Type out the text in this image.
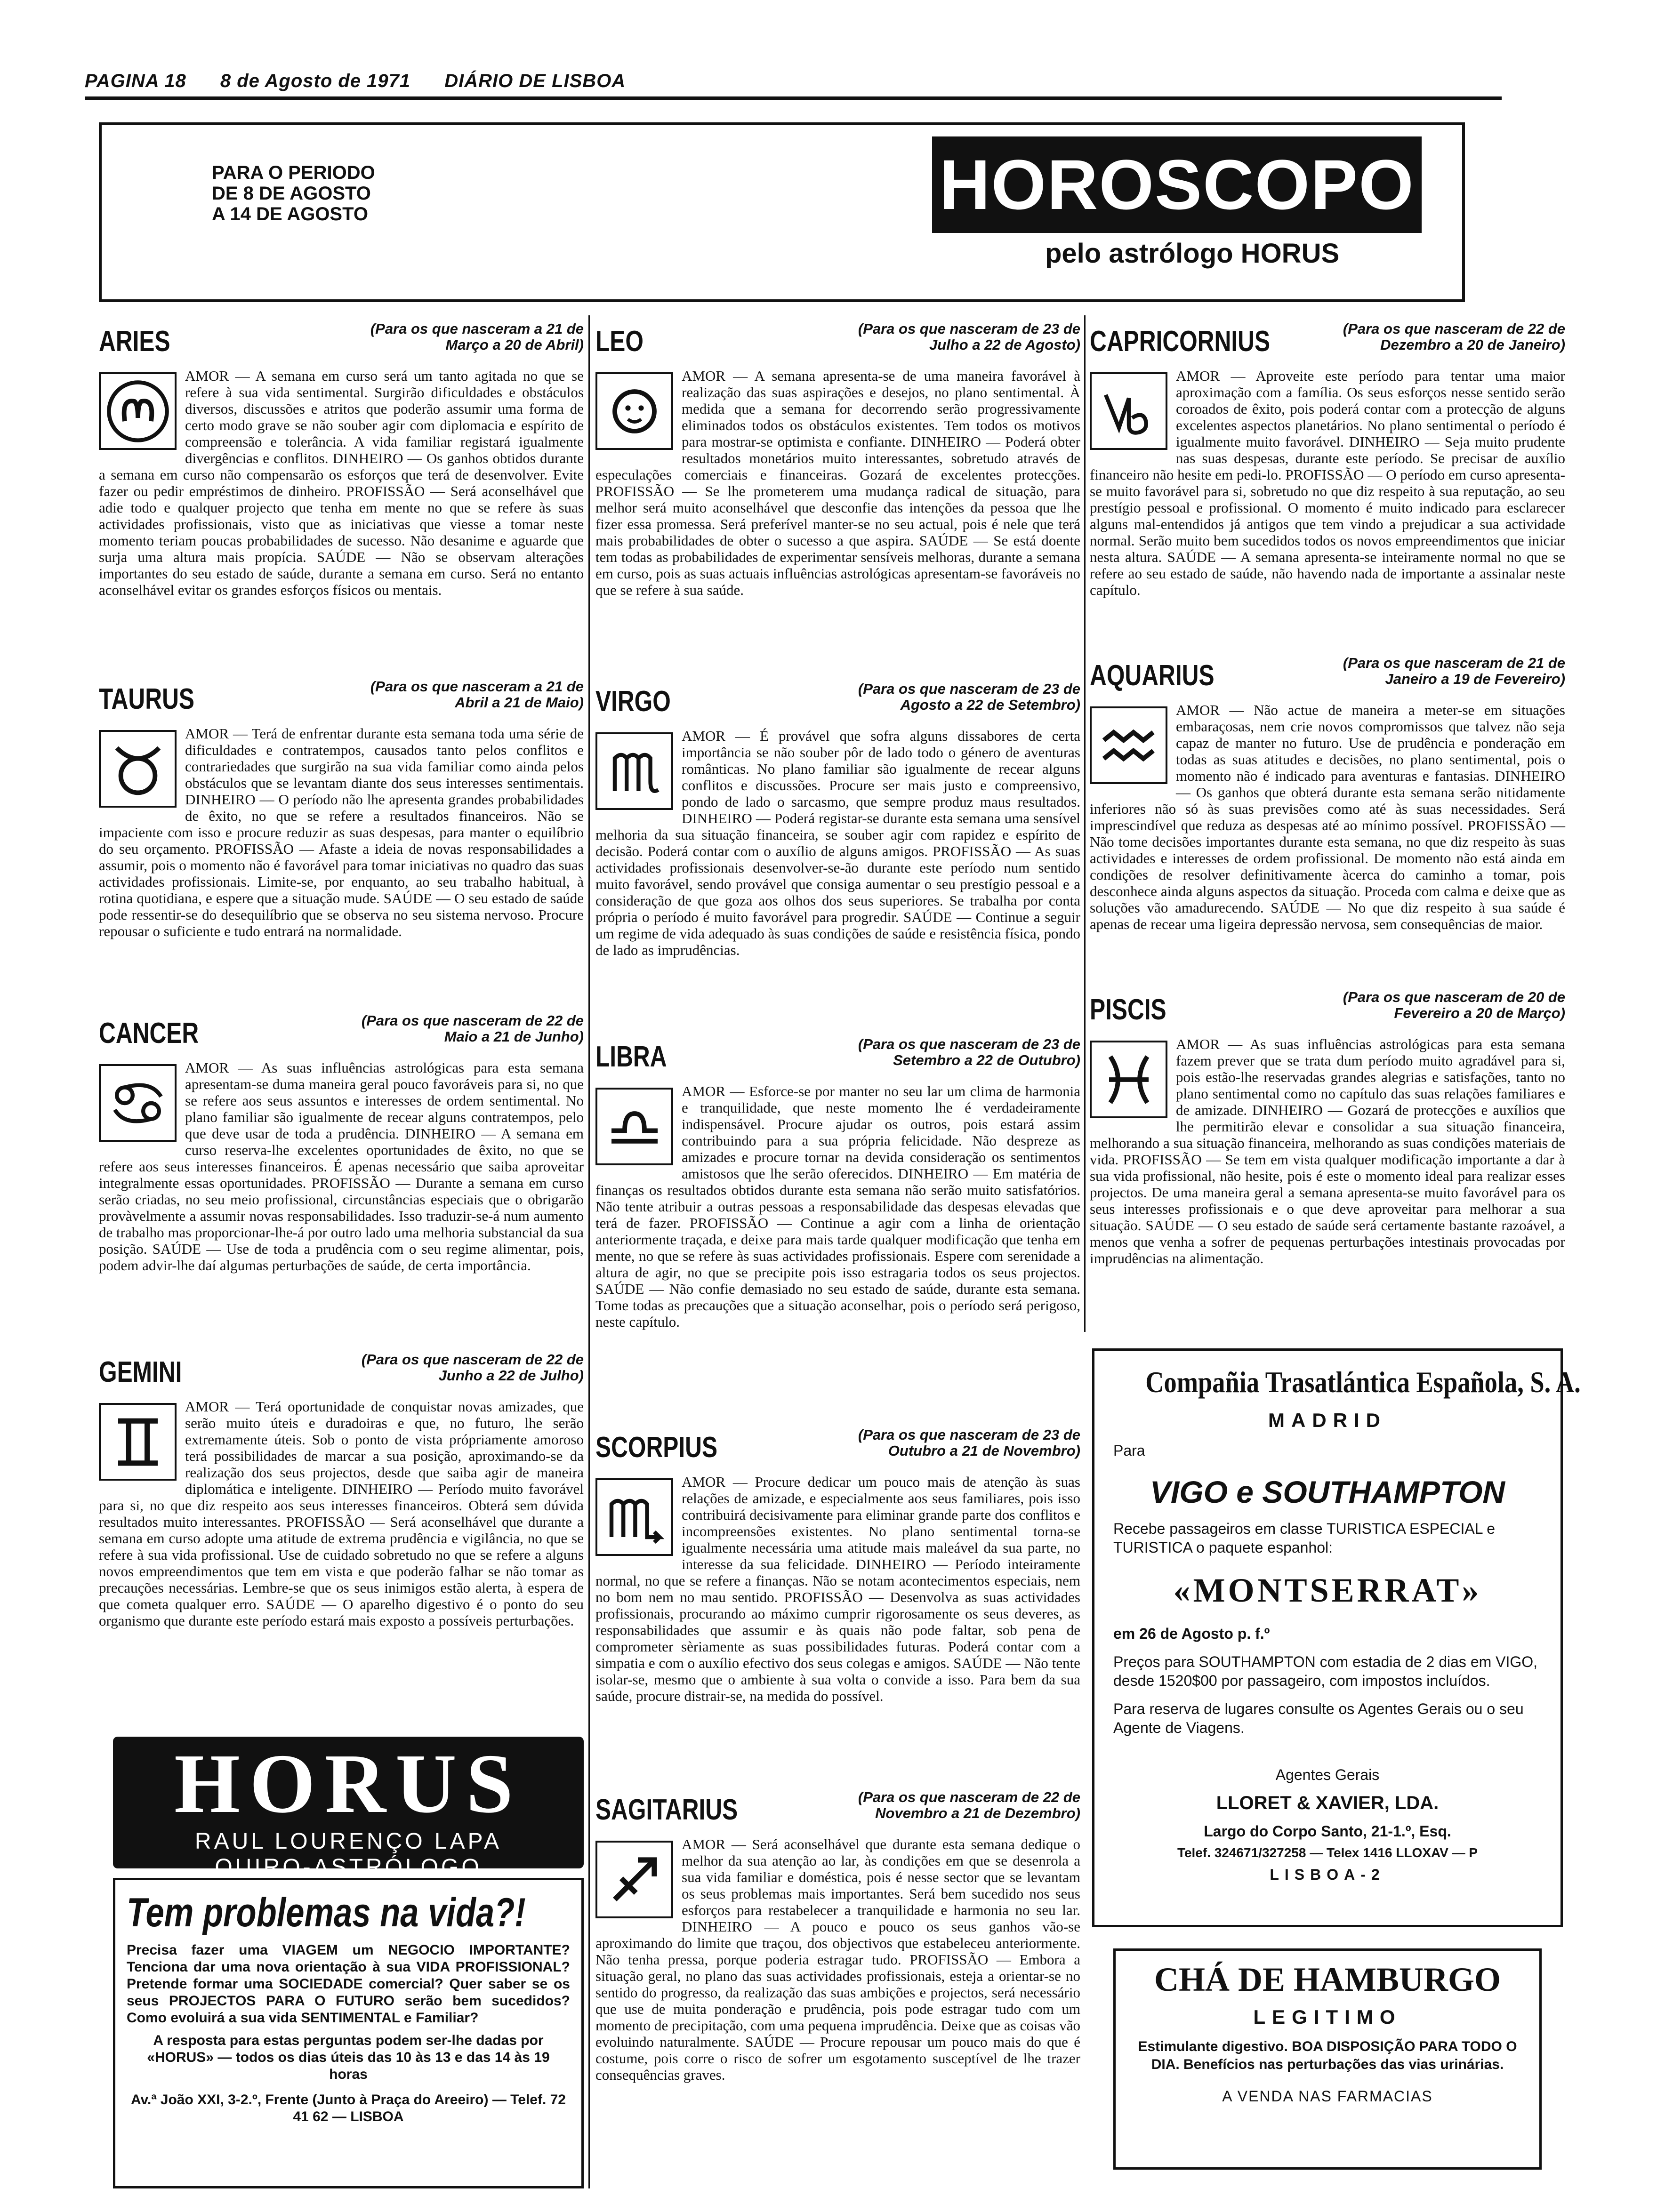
PAGINA 18 8 de Agosto de 1971 DIÁRIO DE LISBOA
PARA O PERIODO
DE 8 DE AGOSTO
A 14 DE AGOSTO	HOROSCOPO
pelo astrólogo HORUS
ARIES	(Para os que nasceram a 21 de Março a 20 de Abril)
AMOR — A semana em curso será um tanto agitada no que se refere à sua vida sentimental. Surgirão dificuldades e obstáculos diversos, discussões e atritos que poderão assumir uma forma de certo modo grave se não souber agir com diplomacia e espírito de compreensão e tolerância. A vida familiar registará igualmente divergências e conflitos. DINHEIRO — Os ganhos obtidos durante a semana em curso não compensarão os esforços que terá de desenvolver. Evite fazer ou pedir empréstimos de dinheiro. PROFISSÃO — Será aconselhável que adie todo e qualquer projecto que tenha em mente no que se refere às suas actividades profissionais, visto que as iniciativas que viesse a tomar neste momento teriam poucas probabilidades de sucesso. Não desanime e aguarde que surja uma altura mais propícia. SAÚDE — Não se observam alterações importantes do seu estado de saúde, durante a semana em curso. Será no entanto aconselhável evitar os grandes esforços físicos ou mentais.
TAURUS	(Para os que nasceram a 21 de Abril a 21 de Maio)
AMOR — Terá de enfrentar durante esta semana toda uma série de dificuldades e contratempos, causados tanto pelos conflitos e contrariedades que surgirão na sua vida familiar como ainda pelos obstáculos que se levantam diante dos seus interesses sentimentais. DINHEIRO — O período não lhe apresenta grandes probabilidades de êxito, no que se refere a resultados financeiros. Não se impaciente com isso e procure reduzir as suas despesas, para manter o equilíbrio do seu orçamento. PROFISSÃO — Afaste a ideia de novas responsabilidades a assumir, pois o momento não é favorável para tomar iniciativas no quadro das suas actividades profissionais. Limite-se, por enquanto, ao seu trabalho habitual, à rotina quotidiana, e espere que a situação mude. SAÚDE — O seu estado de saúde pode ressentir-se do desequilíbrio que se observa no seu sistema nervoso. Procure repousar o suficiente e tudo entrará na normalidade.
CANCER	(Para os que nasceram de 22 de Maio a 21 de Junho)
AMOR — As suas influências astrológicas para esta semana apresentam-se duma maneira geral pouco favoráveis para si, no que se refere aos seus assuntos e interesses de ordem sentimental. No plano familiar são igualmente de recear alguns contratempos, pelo que deve usar de toda a prudência. DINHEIRO — A semana em curso reserva-lhe excelentes oportunidades de êxito, no que se refere aos seus interesses financeiros. É apenas necessário que saiba aproveitar integralmente essas oportunidades. PROFISSÃO — Durante a semana em curso serão criadas, no seu meio profissional, circunstâncias especiais que o obrigarão provàvelmente a assumir novas responsabilidades. Isso traduzir-se-á num aumento de trabalho mas proporcionar-lhe-á por outro lado uma melhoria substancial da sua posição. SAÚDE — Use de toda a prudência com o seu regime alimentar, pois, podem advir-lhe daí algumas perturbações de saúde, de certa importância.
GEMINI	(Para os que nasceram de 22 de Junho a 22 de Julho)
AMOR — Terá oportunidade de conquistar novas amizades, que serão muito úteis e duradoiras e que, no futuro, lhe serão extremamente úteis. Sob o ponto de vista própriamente amoroso terá possibilidades de marcar a sua posição, aproximando-se da realização dos seus projectos, desde que saiba agir de maneira diplomática e inteligente. DINHEIRO — Período muito favorável para si, no que diz respeito aos seus interesses financeiros. Obterá sem dúvida resultados muito interessantes. PROFISSÃO — Será aconselhável que durante a semana em curso adopte uma atitude de extrema prudência e vigilância, no que se refere à sua vida profissional. Use de cuidado sobretudo no que se refere a alguns novos empreendimentos que tem em vista e que poderão falhar se não tomar as precauções necessárias. Lembre-se que os seus inimigos estão alerta, à espera de que cometa qualquer erro. SAÚDE — O aparelho digestivo é o ponto do seu organismo que durante este período estará mais exposto a possíveis perturbações.
LEO	(Para os que nasceram de 23 de Julho a 22 de Agosto)
AMOR — A semana apresenta-se de uma maneira favorável à realização das suas aspirações e desejos, no plano sentimental. À medida que a semana for decorrendo serão progressivamente eliminados todos os obstáculos existentes. Tem todos os motivos para mostrar-se optimista e confiante. DINHEIRO — Poderá obter resultados monetários muito interessantes, sobretudo através de especulações comerciais e financeiras. Gozará de excelentes protecções. PROFISSÃO — Se lhe prometerem uma mudança radical de situação, para melhor será muito aconselhável que desconfie das intenções da pessoa que lhe fizer essa promessa. Será preferível manter-se no seu actual, pois é nele que terá mais probabilidades de obter o sucesso a que aspira. SAÚDE — Se está doente tem todas as probabilidades de experimentar sensíveis melhoras, durante a semana em curso, pois as suas actuais influências astrológicas apresentam-se favoráveis no que se refere à sua saúde.
VIRGO	(Para os que nasceram de 23 de Agosto a 22 de Setembro)
AMOR — É provável que sofra alguns dissabores de certa importância se não souber pôr de lado todo o género de aventuras românticas. No plano familiar são igualmente de recear alguns conflitos e discussões. Procure ser mais justo e compreensivo, pondo de lado o sarcasmo, que sempre produz maus resultados. DINHEIRO — Poderá registar-se durante esta semana uma sensível melhoria da sua situação financeira, se souber agir com rapidez e espírito de decisão. Poderá contar com o auxílio de alguns amigos. PROFISSÃO — As suas actividades profissionais desenvolver-se-ão durante este período num sentido muito favorável, sendo provável que consiga aumentar o seu prestígio pessoal e a consideração de que goza aos olhos dos seus superiores. Se trabalha por conta própria o período é muito favorável para progredir. SAÚDE — Continue a seguir um regime de vida adequado às suas condições de saúde e resistência física, pondo de lado as imprudências.
LIBRA	(Para os que nasceram de 23 de Setembro a 22 de Outubro)
AMOR — Esforce-se por manter no seu lar um clima de harmonia e tranquilidade, que neste momento lhe é verdadeiramente indispensável. Procure ajudar os outros, pois estará assim contribuindo para a sua própria felicidade. Não despreze as amizades e procure tornar na devida consideração os sentimentos amistosos que lhe serão oferecidos. DINHEIRO — Em matéria de finanças os resultados obtidos durante esta semana não serão muito satisfatórios. Não tente atribuir a outras pessoas a responsabilidade das despesas elevadas que terá de fazer. PROFISSÃO — Continue a agir com a linha de orientação anteriormente traçada, e deixe para mais tarde qualquer modificação que tenha em mente, no que se refere às suas actividades profissionais. Espere com serenidade a altura de agir, no que se precipite pois isso estragaria todos os seus projectos. SAÚDE — Não confie demasiado no seu estado de saúde, durante esta semana. Tome todas as precauções que a situação aconselhar, pois o período será perigoso, neste capítulo.
SCORPIUS	(Para os que nasceram de 23 de Outubro a 21 de Novembro)
AMOR — Procure dedicar um pouco mais de atenção às suas relações de amizade, e especialmente aos seus familiares, pois isso contribuirá decisivamente para eliminar grande parte dos conflitos e incompreensões existentes. No plano sentimental torna-se igualmente necessária uma atitude mais maleável da sua parte, no interesse da sua felicidade. DINHEIRO — Período inteiramente normal, no que se refere a finanças. Não se notam acontecimentos especiais, nem no bom nem no mau sentido. PROFISSÃO — Desenvolva as suas actividades profissionais, procurando ao máximo cumprir rigorosamente os seus deveres, as responsabilidades que assumir e às quais não pode faltar, sob pena de comprometer sèriamente as suas possibilidades futuras. Poderá contar com a simpatia e com o auxílio efectivo dos seus colegas e amigos. SAÚDE — Não tente isolar-se, mesmo que o ambiente à sua volta o convide a isso. Para bem da sua saúde, procure distrair-se, na medida do possível.
SAGITARIUS	(Para os que nasceram de 22 de Novembro a 21 de Dezembro)
AMOR — Será aconselhável que durante esta semana dedique o melhor da sua atenção ao lar, às condições em que se desenrola a sua vida familiar e doméstica, pois é nesse sector que se levantam os seus problemas mais importantes. Será bem sucedido nos seus esforços para restabelecer a tranquilidade e harmonia no seu lar. DINHEIRO — A pouco e pouco os seus ganhos vão-se aproximando do limite que traçou, dos objectivos que estabeleceu anteriormente. Não tenha pressa, porque poderia estragar tudo. PROFISSÃO — Embora a situação geral, no plano das suas actividades profissionais, esteja a orientar-se no sentido do progresso, da realização das suas ambições e projectos, será necessário que use de muita ponderação e prudência, pois pode estragar tudo com um momento de precipitação, com uma pequena imprudência. Deixe que as coisas vão evoluindo naturalmente. SAÚDE — Procure repousar um pouco mais do que é costume, pois corre o risco de sofrer um esgotamento susceptível de lhe trazer consequências graves.
CAPRICORNIUS	(Para os que nasceram de 22 de Dezembro a 20 de Janeiro)
AMOR — Aproveite este período para tentar uma maior aproximação com a família. Os seus esforços nesse sentido serão coroados de êxito, pois poderá contar com a protecção de alguns excelentes aspectos planetários. No plano sentimental o período é igualmente muito favorável. DINHEIRO — Seja muito prudente nas suas despesas, durante este período. Se precisar de auxílio financeiro não hesite em pedi-lo. PROFISSÃO — O período em curso apresenta-se muito favorável para si, sobretudo no que diz respeito à sua reputação, ao seu prestígio pessoal e profissional. O momento é muito indicado para esclarecer alguns mal-entendidos já antigos que tem vindo a prejudicar a sua actividade normal. Serão muito bem sucedidos todos os novos empreendimentos que iniciar nesta altura. SAÚDE — A semana apresenta-se inteiramente normal no que se refere ao seu estado de saúde, não havendo nada de importante a assinalar neste capítulo.
AQUARIUS	(Para os que nasceram de 21 de Janeiro a 19 de Fevereiro)
AMOR — Não actue de maneira a meter-se em situações embaraçosas, nem crie novos compromissos que talvez não seja capaz de manter no futuro. Use de prudência e ponderação em todas as suas atitudes e decisões, no plano sentimental, pois o momento não é indicado para aventuras e fantasias. DINHEIRO — Os ganhos que obterá durante esta semana serão nitidamente inferiores não só às suas previsões como até às suas necessidades. Será imprescindível que reduza as despesas até ao mínimo possível. PROFISSÃO — Não tome decisões importantes durante esta semana, no que diz respeito às suas actividades e interesses de ordem profissional. De momento não está ainda em condições de resolver definitivamente àcerca do caminho a tomar, pois desconhece ainda alguns aspectos da situação. Proceda com calma e deixe que as soluções vão amadurecendo. SAÚDE — No que diz respeito à sua saúde é apenas de recear uma ligeira depressão nervosa, sem consequências de maior.
PISCIS	(Para os que nasceram de 20 de Fevereiro a 20 de Março)
AMOR — As suas influências astrológicas para esta semana fazem prever que se trata dum período muito agradável para si, pois estão-lhe reservadas grandes alegrias e satisfações, tanto no plano sentimental como no capítulo das suas relações familiares e de amizade. DINHEIRO — Gozará de protecções e auxílios que lhe permitirão elevar e consolidar a sua situação financeira, melhorando a sua situação financeira, melhorando as suas condições materiais de vida. PROFISSÃO — Se tem em vista qualquer modificação importante a dar à sua vida profissional, não hesite, pois é este o momento ideal para realizar esses projectos. De uma maneira geral a semana apresenta-se muito favorável para os seus interesses profissionais e o que deve aproveitar para melhorar a sua situação. SAÚDE — O seu estado de saúde será certamente bastante razoável, a menos que venha a sofrer de pequenas perturbações intestinais provocadas por imprudências na alimentação.
HORUS
RAUL LOURENÇO LAPA
QUIRO-ASTRÓLOGO
Tem problemas na vida?!
Precisa fazer uma VIAGEM um NEGOCIO IMPORTANTE? Tenciona dar uma nova orientação à sua VIDA PROFISSIONAL? Pretende formar uma SOCIEDADE comercial? Quer saber se os seus PROJECTOS PARA O FUTURO serão bem sucedidos? Como evoluirá a sua vida SENTIMENTAL e Familiar?
A resposta para estas perguntas podem ser-lhe dadas por «HORUS» — todos os dias úteis das 10 às 13 e das 14 às 19 horas
Av.ª João XXI, 3-2.º, Frente (Junto à Praça do Areeiro) — Telef. 72 41 62 — LISBOA
Compañia Trasatlántica Española, S. A.
MADRID
Para
VIGO e SOUTHAMPTON
Recebe passageiros em classe TURISTICA ESPECIAL e TURISTICA o paquete espanhol:
«MONTSERRAT»
em 26 de Agosto p. f.º
Preços para SOUTHAMPTON com estadia de 2 dias em VIGO, desde 1520$00 por passageiro, com impostos incluídos.
Para reserva de lugares consulte os Agentes Gerais ou o seu Agente de Viagens.
Agentes Gerais
LLORET & XAVIER, LDA.
Largo do Corpo Santo, 21-1.º, Esq.
Telef. 324671/327258 — Telex 1416 LLOXAV — P
LISBOA-2
CHÁ DE HAMBURGO
LEGITIMO
Estimulante digestivo. BOA DISPOSIÇÃO PARA TODO O DIA. Benefícios nas perturbações das vias urinárias.
A VENDA NAS FARMACIAS
